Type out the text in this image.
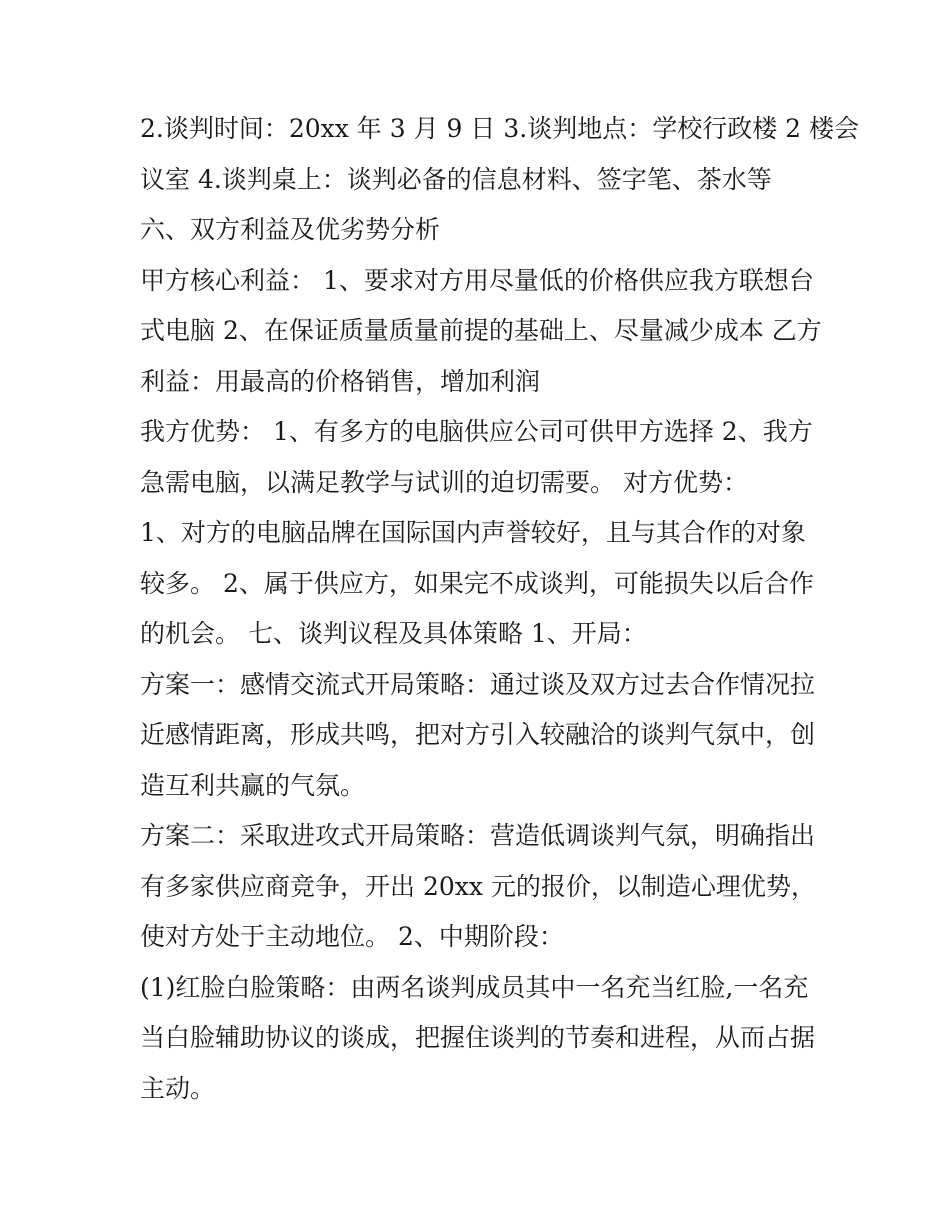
2.谈判时间：20xx 年 3 月 9 日 3.谈判地点：学校行政楼 2 楼会
议室 4.谈判桌上：谈判必备的信息材料、签字笔、茶水等
六、双方利益及优劣势分析
甲方核心利益： 1、要求对方用尽量低的价格供应我方联想台
式电脑 2、在保证质量质量前提的基础上、尽量减少成本 乙方
利益：用最高的价格销售，增加利润
我方优势： 1、有多方的电脑供应公司可供甲方选择 2、我方
急需电脑，以满足教学与试训的迫切需要。 对方优势：
1、对方的电脑品牌在国际国内声誉较好，且与其合作的对象
较多。 2、属于供应方，如果完不成谈判，可能损失以后合作
的机会。 七、谈判议程及具体策略 1、开局：
方案一：感情交流式开局策略：通过谈及双方过去合作情况拉
近感情距离，形成共鸣，把对方引入较融洽的谈判气氛中，创
造互利共赢的气氛。
方案二：采取进攻式开局策略：营造低调谈判气氛，明确指出
有多家供应商竞争，开出 20xx 元的报价，以制造心理优势，
使对方处于主动地位。 2、中期阶段：
(1)红脸白脸策略：由两名谈判成员其中一名充当红脸,一名充
当白脸辅助协议的谈成，把握住谈判的节奏和进程，从而占据
主动。
